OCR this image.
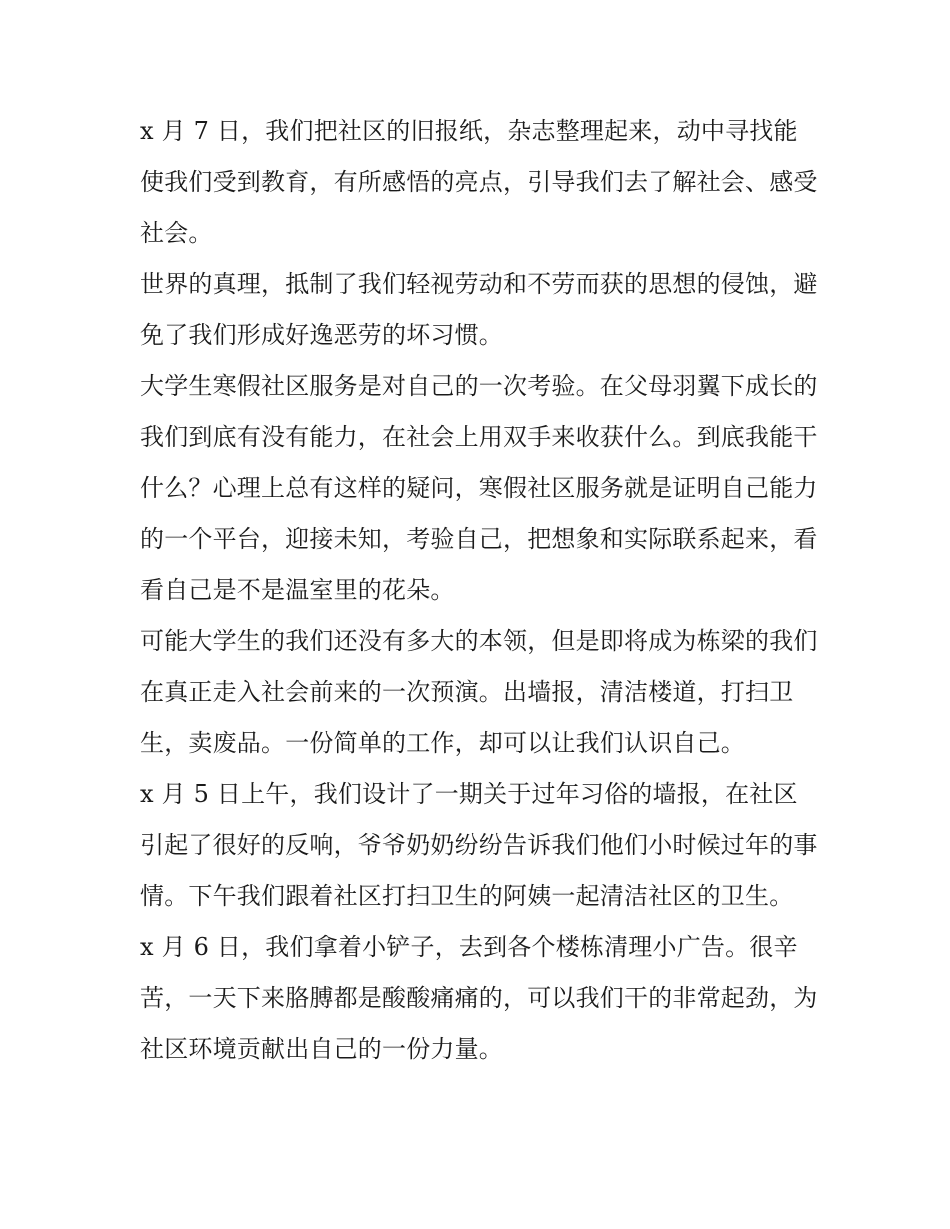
x 月 7 日，我们把社区的旧报纸，杂志整理起来，动中寻找能使我们受到教育，有所感悟的亮点，引导我们去了解社会、感受社会。

世界的真理，抵制了我们轻视劳动和不劳而获的思想的侵蚀，避免了我们形成好逸恶劳的坏习惯。

大学生寒假社区服务是对自己的一次考验。在父母羽翼下成长的我们到底有没有能力，在社会上用双手来收获什么。到底我能干什么？心理上总有这样的疑问，寒假社区服务就是证明自己能力的一个平台，迎接未知，考验自己，把想象和实际联系起来，看看自己是不是温室里的花朵。

可能大学生的我们还没有多大的本领，但是即将成为栋梁的我们在真正走入社会前来的一次预演。出墙报，清洁楼道，打扫卫生，卖废品。一份简单的工作，却可以让我们认识自己。

x 月 5 日上午，我们设计了一期关于过年习俗的墙报，在社区引起了很好的反响，爷爷奶奶纷纷告诉我们他们小时候过年的事情。下午我们跟着社区打扫卫生的阿姨一起清洁社区的卫生。

x 月 6 日，我们拿着小铲子，去到各个楼栋清理小广告。很辛苦，一天下来胳膊都是酸酸痛痛的，可以我们干的非常起劲，为社区环境贡献出自己的一份力量。
